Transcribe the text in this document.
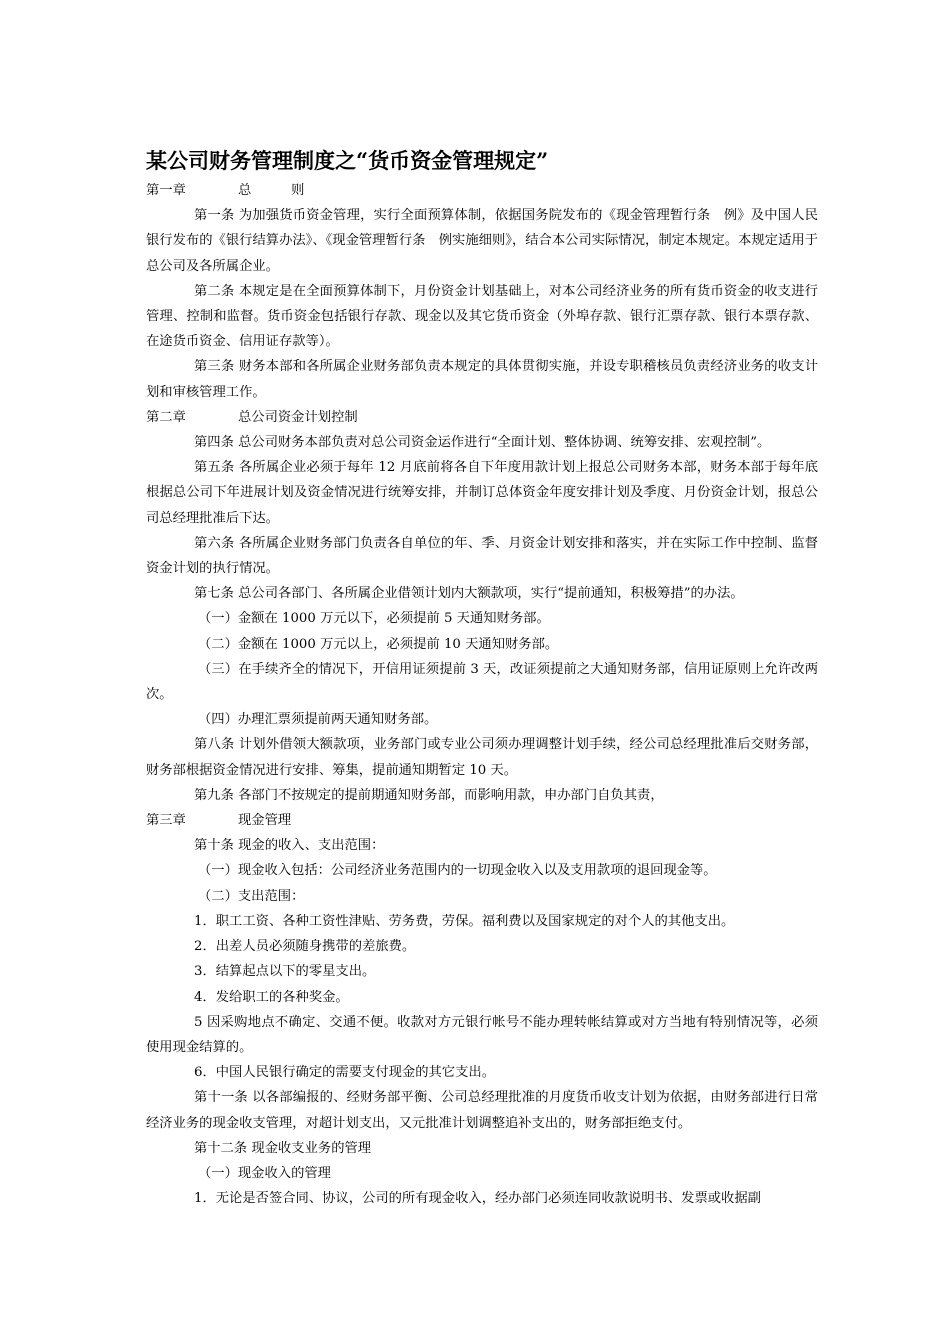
某公司财务管理制度之“货币资金管理规定”

第一章	总　　　则

第一条 为加强货币资金管理，实行全面预算体制，依据国务院发布的《现金管理暂行条　例》及中国人民银行发布的《银行结算办法》、《现金管理暂行条　例实施细则》，结合本公司实际情况，制定本规定。本规定适用于总公司及各所属企业。

第二条 本规定是在全面预算体制下，月份资金计划基础上，对本公司经济业务的所有货币资金的收支进行管理、控制和监督。货币资金包括银行存款、现金以及其它货币资金（外埠存款、银行汇票存款、银行本票存款、在途货币资金、信用证存款等）。

第三条 财务本部和各所属企业财务部负责本规定的具体贯彻实施，并设专职稽核员负责经济业务的收支计划和审核管理工作。

第二章	总公司资金计划控制

第四条 总公司财务本部负责对总公司资金运作进行“全面计划、整体协调、统筹安排、宏观控制”。

第五条 各所属企业必须于每年 12 月底前将各自下年度用款计划上报总公司财务本部，财务本部于每年底根据总公司下年进展计划及资金情况进行统筹安排，并制订总体资金年度安排计划及季度、月份资金计划，报总公司总经理批准后下达。

第六条 各所属企业财务部门负责各自单位的年、季、月资金计划安排和落实，并在实际工作中控制、监督资金计划的执行情况。

第七条 总公司各部门、各所属企业借领计划内大额款项，实行“提前通知，积极筹措”的办法。

（一）金额在 1000 万元以下，必须提前 5 天通知财务部。

（二）金额在 1000 万元以上，必须提前 10 天通知财务部。

（三）在手续齐全的情况下，开信用证须提前 3 天，改证须提前之大通知财务部，信用证原则上允许改两次。

（四）办理汇票须提前两天通知财务部。

第八条 计划外借领大额款项，业务部门或专业公司须办理调整计划手续，经公司总经理批准后交财务部，财务部根据资金情况进行安排、筹集，提前通知期暂定 10 天。

第九条 各部门不按规定的提前期通知财务部，而影响用款，申办部门自负其责，

第三章	现金管理

第十条 现金的收入、支出范围：

（一）现金收入包括：公司经济业务范围内的一切现金收入以及支用款项的退回现金等。

（二）支出范围：

1．职工工资、各种工资性津贴、劳务费，劳保。福利费以及国家规定的对个人的其他支出。

2．出差人员必须随身携带的差旅费。

3．结算起点以下的零星支出。

4．发给职工的各种奖金。

5 因采购地点不确定、交通不便。收款对方元银行帐号不能办理转帐结算或对方当地有特别情况等，必须使用现金结算的。

6．中国人民银行确定的需要支付现金的其它支出。

第十一条 以各部编报的、经财务部平衡、公司总经理批准的月度货币收支计划为依据，由财务部进行日常经济业务的现金收支管理，对超计划支出，又元批准计划调整追补支出的，财务部拒绝支付。

第十二条 现金收支业务的管理

（一）现金收入的管理

1．无论是否签合同、协议，公司的所有现金收入，经办部门必须连同收款说明书、发票或收据副
